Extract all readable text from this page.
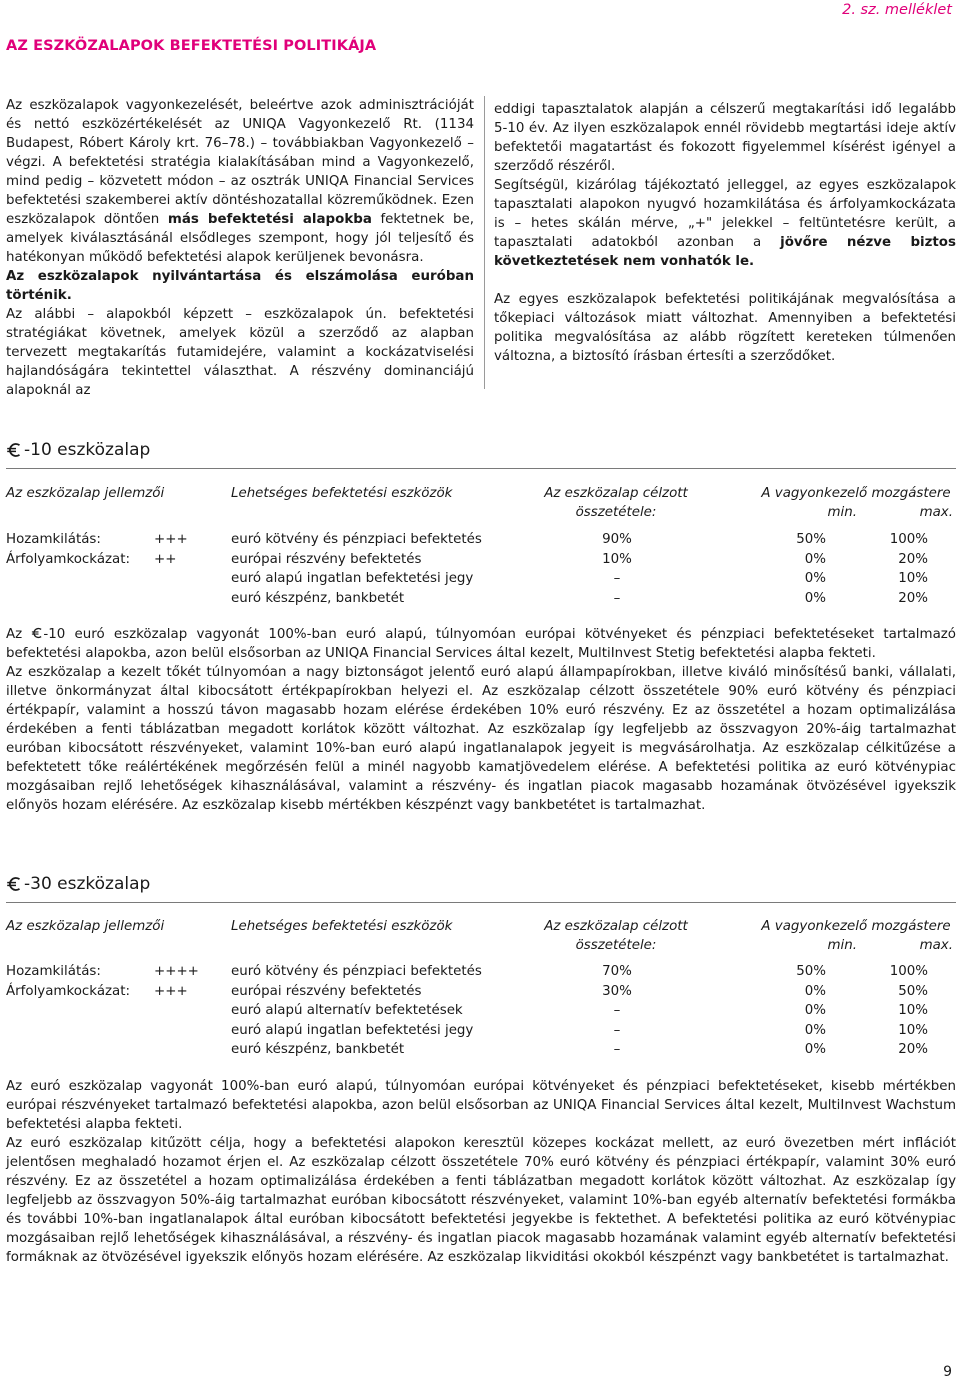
2. sz. melléklet
AZ ESZKÖZALAPOK BEFEKTETÉSI POLITIKÁJA

Az eszközalapok vagyonkezelését, beleértve azok adminisztrációját és nettó eszközértékelését az UNIQA Vagyonkezelő Rt. (1134 Budapest, Róbert Károly krt. 76–78.) – továbbiakban Vagyonkezelő – végzi. A befektetési stratégia kialakításában mind a Vagyonkezelő, mind pedig – közvetett módon – az osztrák UNIQA Financial Services befektetési szakemberei aktív döntéshozatallal közreműködnek. Ezen eszközalapok döntően más befektetési alapokba fektetnek be, amelyek kiválasztásánál elsődleges szempont, hogy jól teljesítő és hatékonyan működő befektetési alapok kerüljenek bevonásra.

Az eszközalapok nyilvántartása és elszámolása euróban történik.

Az alábbi – alapokból képzett – eszközalapok ún. befektetési stratégiákat követnek, amelyek közül a szerződő az alapban tervezett megtakarítás futamidejére, valamint a kockázatviselési hajlandóságára tekintettel választhat. A részvény dominanciájú alapoknál az

eddigi tapasztalatok alapján a célszerű megtakarítási idő legalább 5-10 év. Az ilyen eszközalapok ennél rövidebb megtartási ideje aktív befektetői magatartást és fokozott figyelemmel kísérést igényel a szerződő részéről.

Segítségül, kizárólag tájékoztató jelleggel, az egyes eszközalapok tapasztalati alapokon nyugvó hozamkilátása és árfolyamkockázata is – hetes skálán mérve, „+" jelekkel – feltüntetésre került, a tapasztalati adatokból azonban a jövőre nézve biztos következtetések nem vonhatók le.

Az egyes eszközalapok befektetési politikájának megvalósítása a tőkepiaci változások miatt változhat. Amennyiben a befektetési politika megvalósítása az alább rögzített kereteken túlmenően változna, a biztosító írásban értesíti a szerződőket.

-10 eszközalap
Az eszközalap jellemzői	Lehetséges befektetési eszközök	Az eszközalap célzott
összetétele:
A vagyonkezelő mozgástere
min.	max.
Hozamkilátás:	+++	euró kötvény és pénzpiaci befektetés	90%	50%	100%
Árfolyamkockázat: ++	európai részvény befektetés	10%	0%	20%
euró alapú ingatlan befektetési jegy	–	0%	10%
euró készpénz, bankbetét	–	0%	20%

Az
-10 euró eszközalap vagyonát 100%-ban euró alapú, túlnyomóan európai kötvényeket és pénzpiaci befektetéseket tartalmazó befektetési alapokba, azon belül elsősorban az UNIQA Financial Services által kezelt, MultiInvest Stetig befektetési alapba fekteti.

Az eszközalap a kezelt tőkét túlnyomóan a nagy biztonságot jelentő euró alapú állampapírokban, illetve kiváló minősítésű banki, vállalati, illetve önkormányzat által kibocsátott értékpapírokban helyezi el. Az eszközalap célzott összetétele 90% euró kötvény és pénzpiaci értékpapír, valamint a hosszú távon magasabb hozam elérése érdekében 10% euró részvény. Ez az összetétel a hozam optimalizálása érdekében a fenti táblázatban megadott korlátok között változhat. Az eszközalap így legfeljebb az összvagyon 20%-áig tartalmazhat euróban kibocsátott részvényeket, valamint 10%-ban euró alapú ingatlanalapok jegyeit is megvásárolhatja. Az eszközalap célkitűzése a befektetett tőke reálértékének megőrzésén felül a minél nagyobb kamatjövedelem elérése. A befektetési politika az euró kötvénypiac mozgásaiban rejlő lehetőségek kihasználásával, valamint a részvény- és ingatlan piacok magasabb hozamának ötvözésével igyekszik előnyös hozam elérésére. Az eszközalap kisebb mértékben készpénzt vagy bankbetétet is tartalmazhat.

-30 eszközalap
Az eszközalap jellemzői	Lehetséges befektetési eszközök	Az eszközalap célzott
összetétele:
A vagyonkezelő mozgástere
min.	max.
Hozamkilátás:	++++ euró kötvény és pénzpiaci befektetés	70%	50%	100%
Árfolyamkockázat: +++	európai részvény befektetés	30%	0%	50%
euró alapú alternatív befektetések	–	0%	10%
euró alapú ingatlan befektetési jegy	–	0%	10%
euró készpénz, bankbetét	–	0%	20%

Az euró eszközalap vagyonát 100%-ban euró alapú, túlnyomóan európai kötvényeket és pénzpiaci befektetéseket, kisebb mértékben európai részvényeket tartalmazó befektetési alapokba, azon belül elsősorban az UNIQA Financial Services által kezelt, MultiInvest Wachstum befektetési alapba fekteti.

Az euró eszközalap kitűzött célja, hogy a befektetési alapokon keresztül közepes kockázat mellett, az euró övezetben mért inflációt jelentősen meghaladó hozamot érjen el. Az eszközalap célzott összetétele 70% euró kötvény és pénzpiaci értékpapír, valamint 30% euró részvény. Ez az összetétel a hozam optimalizálása érdekében a fenti táblázatban megadott korlátok között változhat. Az eszközalap így legfeljebb az összvagyon 50%-áig tartalmazhat euróban kibocsátott részvényeket, valamint 10%-ban egyéb alternatív befektetési formákba és további 10%-ban ingatlanalapok által euróban kibocsátott befektetési jegyekbe is fektethet. A befektetési politika az euró kötvénypiac mozgásaiban rejlő lehetőségek kihasználásával, a részvény- és ingatlan piacok magasabb hozamának valamint egyéb alternatív befektetési formáknak az ötvözésével igyekszik előnyös hozam elérésére. Az eszközalap likviditási okokból készpénzt vagy bankbetétet is tartalmazhat.

9
